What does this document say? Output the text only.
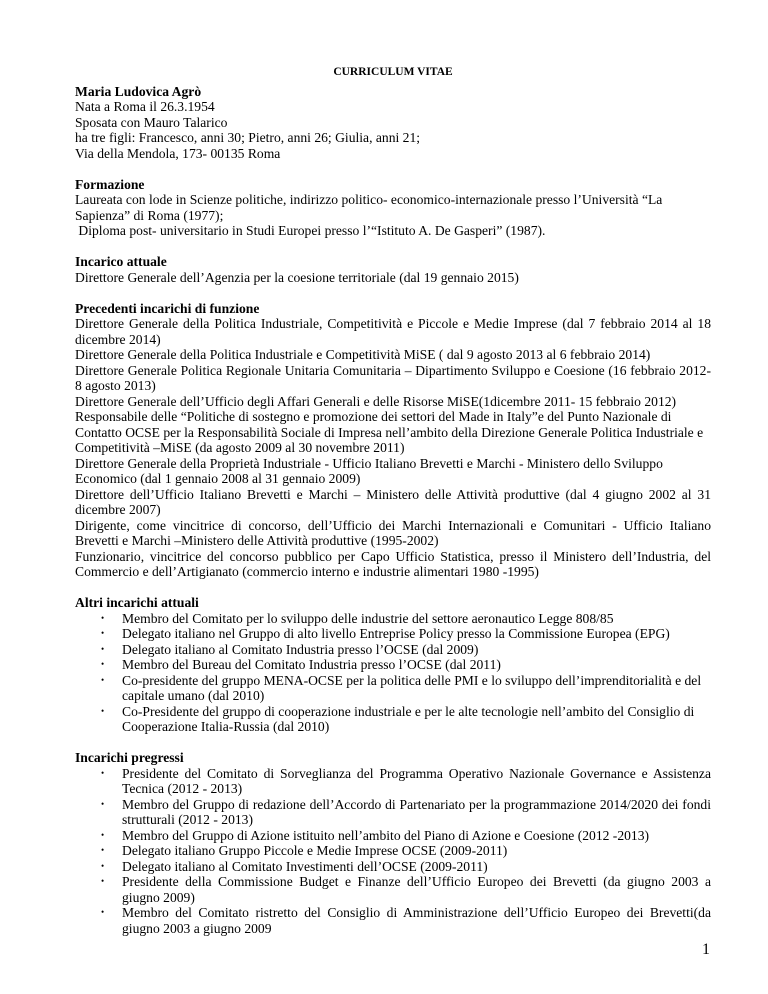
CURRICULUM VITAE
Maria Ludovica Agrò
Nata a Roma il 26.3.1954
Sposata con Mauro Talarico
ha tre figli: Francesco, anni 30; Pietro, anni 26; Giulia, anni 21;
Via della Mendola, 173- 00135 Roma
Formazione
Laureata con lode in Scienze politiche, indirizzo politico- economico-internazionale presso l’Università “La Sapienza” di Roma (1977);
Diploma post- universitario in Studi Europei presso l’“Istituto A. De Gasperi” (1987).
Incarico attuale
Direttore Generale dell’Agenzia per la coesione territoriale (dal 19 gennaio 2015)
Precedenti incarichi di funzione
Direttore Generale della Politica Industriale, Competitività e Piccole e Medie Imprese (dal 7 febbraio 2014 al 18 dicembre 2014)
Direttore Generale della Politica Industriale e Competitività MiSE ( dal 9 agosto 2013 al 6 febbraio 2014)
Direttore Generale Politica Regionale Unitaria Comunitaria – Dipartimento Sviluppo e Coesione (16 febbraio 2012-8 agosto 2013)
Direttore Generale dell’Ufficio degli Affari Generali e delle Risorse MiSE(1dicembre 2011- 15 febbraio 2012)
Responsabile delle “Politiche di sostegno e promozione dei settori del Made in Italy”e del Punto Nazionale di Contatto OCSE per la Responsabilità Sociale di Impresa nell’ambito della Direzione Generale Politica Industriale e Competitività –MiSE (da agosto 2009 al 30 novembre 2011)
Direttore Generale della Proprietà Industriale - Ufficio Italiano Brevetti e Marchi - Ministero dello Sviluppo Economico (dal 1 gennaio 2008 al 31 gennaio 2009)
Direttore dell’Ufficio Italiano Brevetti e Marchi – Ministero delle Attività produttive (dal 4 giugno 2002 al 31 dicembre 2007)
Dirigente, come vincitrice di concorso, dell’Ufficio dei Marchi Internazionali e Comunitari - Ufficio Italiano Brevetti e Marchi –Ministero delle Attività produttive (1995-2002)
Funzionario, vincitrice del concorso pubblico per Capo Ufficio Statistica, presso il Ministero dell’Industria, del Commercio e dell’Artigianato (commercio interno e industrie alimentari 1980 -1995)
Altri incarichi attuali
• Membro del Comitato per lo sviluppo delle industrie del settore aeronautico Legge 808/85
• Delegato italiano nel Gruppo di alto livello Entreprise Policy presso la Commissione Europea (EPG)
• Delegato italiano al Comitato Industria presso l’OCSE (dal 2009)
• Membro del Bureau del Comitato Industria presso l’OCSE (dal 2011)
• Co-presidente del gruppo MENA-OCSE per la politica delle PMI e lo sviluppo dell’imprenditorialità e del capitale umano (dal 2010)
• Co-Presidente del gruppo di cooperazione industriale e per le alte tecnologie nell’ambito del Consiglio di Cooperazione Italia-Russia (dal 2010)
Incarichi pregressi
• Presidente del Comitato di Sorveglianza del Programma Operativo Nazionale Governance e Assistenza Tecnica (2012 - 2013)
• Membro del Gruppo di redazione dell’Accordo di Partenariato per la programmazione 2014/2020 dei fondi strutturali (2012 - 2013)
• Membro del Gruppo di Azione istituito nell’ambito del Piano di Azione e Coesione (2012 -2013)
• Delegato italiano Gruppo Piccole e Medie Imprese OCSE (2009-2011)
• Delegato italiano al Comitato Investimenti dell’OCSE (2009-2011)
• Presidente della Commissione Budget e Finanze dell’Ufficio Europeo dei Brevetti (da giugno 2003 a giugno 2009)
• Membro del Comitato ristretto del Consiglio di Amministrazione dell’Ufficio Europeo dei Brevetti(da giugno 2003 a giugno 2009
1
